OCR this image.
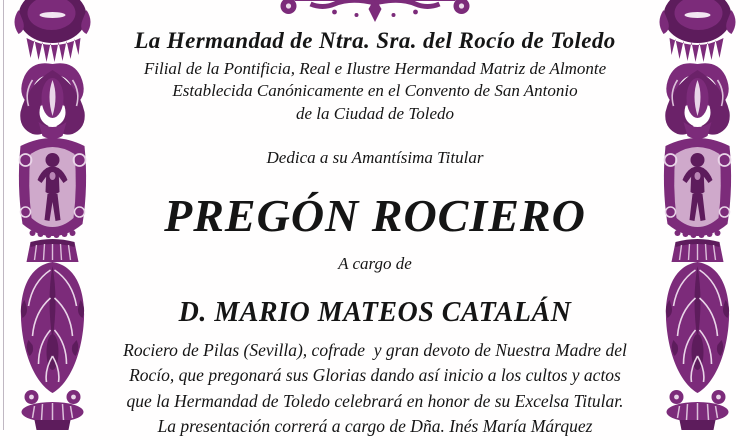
La Hermandad de Ntra. Sra. del Rocío de Toledo
Filial de la Pontificia, Real e Ilustre Hermandad Matriz de Almonte
Establecida Canónicamente en el Convento de San Antonio
de la Ciudad de Toledo
Dedica a su Amantísima Titular
PREGÓN ROCIERO
A cargo de
D. MARIO MATEOS CATALÁN
Rociero de Pilas (Sevilla), cofrade  y gran devoto de Nuestra Madre del
Rocío, que pregonará sus Glorias dando así inicio a los cultos y actos
que la Hermandad de Toledo celebrará en honor de su Excelsa Titular.
La presentación correrá a cargo de Dña. Inés María Márquez
